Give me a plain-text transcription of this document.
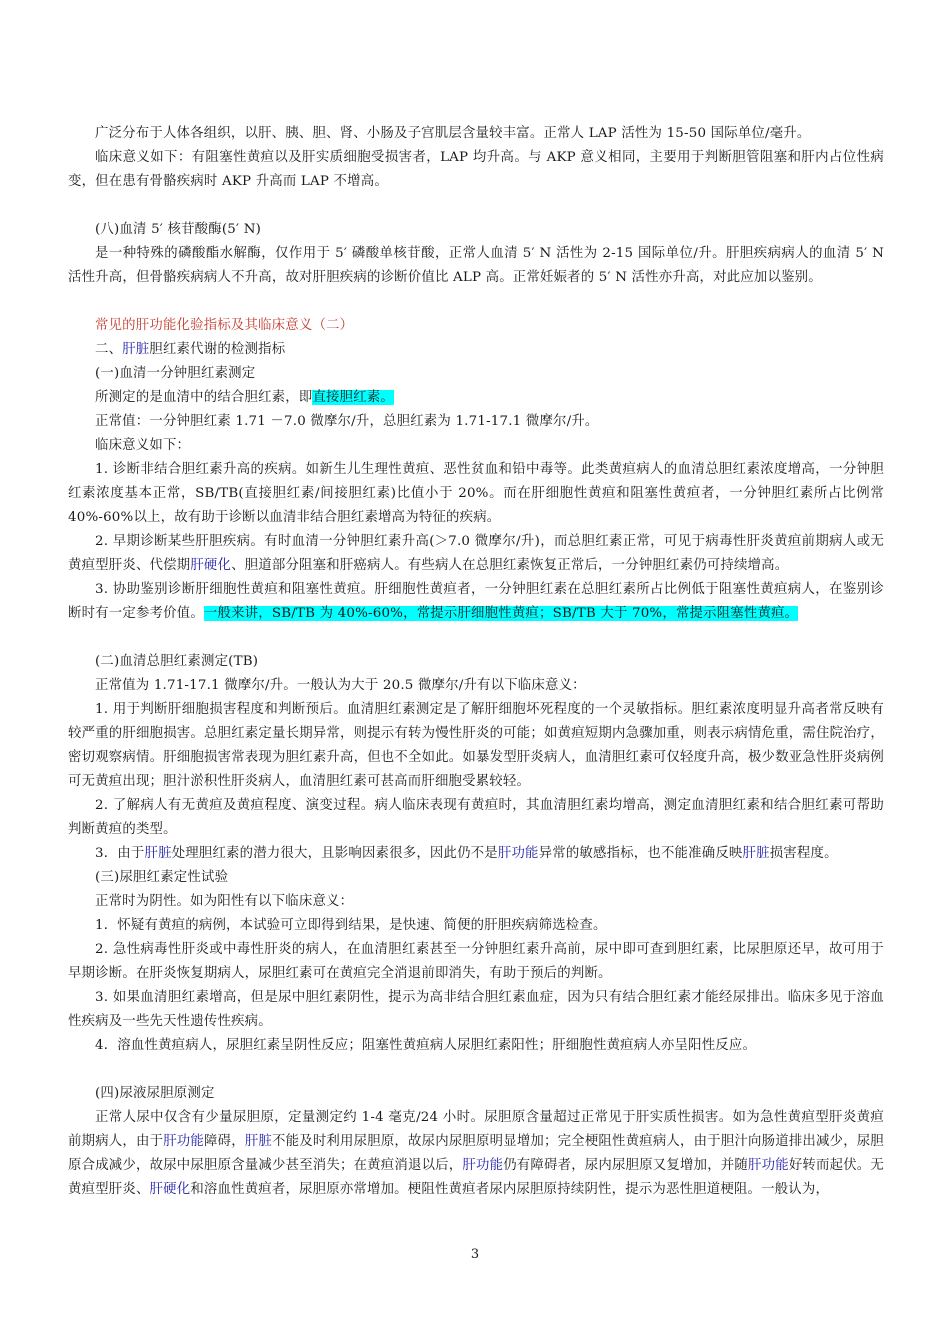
广泛分布于人体各组织，以肝、胰、胆、肾、小肠及子宫肌层含量较丰富。正常人 LAP 活性为 15-50 国际单位/毫升。

临床意义如下：有阻塞性黄疸以及肝实质细胞受损害者，LAP 均升高。与 AKP 意义相同，主要用于判断胆管阻塞和肝内占位性病变，但在患有骨骼疾病时 AKP 升高而 LAP 不增高。

(八)血清 5′ 核苷酸酶(5′ N)

是一种特殊的磷酸酯水解酶，仅作用于 5′ 磷酸单核苷酸，正常人血清 5′ N 活性为 2-15 国际单位/升。肝胆疾病病人的血清 5′ N 活性升高，但骨骼疾病病人不升高，故对肝胆疾病的诊断价值比 ALP 高。正常妊娠者的 5′ N 活性亦升高，对此应加以鉴别。

常见的肝功能化验指标及其临床意义（二）

二、肝脏胆红素代谢的检测指标

(一)血清一分钟胆红素测定

所测定的是血清中的结合胆红素，即直接胆红素。

正常值：一分钟胆红素 1.71 －7.0 微摩尔/升，总胆红素为 1.71-17.1 微摩尔/升。

临床意义如下：

1. 诊断非结合胆红素升高的疾病。如新生儿生理性黄疸、恶性贫血和铅中毒等。此类黄疸病人的血清总胆红素浓度增高，一分钟胆红素浓度基本正常，SB/TB(直接胆红素/间接胆红素)比值小于 20%。而在肝细胞性黄疸和阻塞性黄疸者，一分钟胆红素所占比例常 40%-60%以上，故有助于诊断以血清非结合胆红素增高为特征的疾病。

2. 早期诊断某些肝胆疾病。有时血清一分钟胆红素升高(＞7.0 微摩尔/升)，而总胆红素正常，可见于病毒性肝炎黄疸前期病人或无黄疸型肝炎、代偿期肝硬化、胆道部分阻塞和肝癌病人。有些病人在总胆红素恢复正常后，一分钟胆红素仍可持续增高。

3. 协助鉴别诊断肝细胞性黄疸和阻塞性黄疸。肝细胞性黄疸者，一分钟胆红素在总胆红素所占比例低于阻塞性黄疸病人，在鉴别诊断时有一定参考价值。一般来讲，SB/TB 为 40%-60%，常提示肝细胞性黄疸；SB/TB 大于 70%，常提示阻塞性黄疸。

(二)血清总胆红素测定(TB)

正常值为 1.71-17.1 微摩尔/升。一般认为大于 20.5 微摩尔/升有以下临床意义：

1. 用于判断肝细胞损害程度和判断预后。血清胆红素测定是了解肝细胞坏死程度的一个灵敏指标。胆红素浓度明显升高者常反映有较严重的肝细胞损害。总胆红素定量长期异常，则提示有转为慢性肝炎的可能；如黄疸短期内急骤加重，则表示病情危重，需住院治疗，密切观察病情。肝细胞损害常表现为胆红素升高，但也不全如此。如暴发型肝炎病人，血清胆红素可仅轻度升高，极少数亚急性肝炎病例可无黄疸出现；胆汁淤积性肝炎病人，血清胆红素可甚高而肝细胞受累较轻。

2. 了解病人有无黄疸及黄疸程度、演变过程。病人临床表现有黄疸时，其血清胆红素均增高，测定血清胆红素和结合胆红素可帮助判断黄疸的类型。

3．由于肝脏处理胆红素的潜力很大，且影响因素很多，因此仍不是肝功能异常的敏感指标，也不能准确反映肝脏损害程度。

(三)尿胆红素定性试验

正常时为阴性。如为阳性有以下临床意义：

1．怀疑有黄疸的病例，本试验可立即得到结果，是快速、简便的肝胆疾病筛选检查。

2. 急性病毒性肝炎或中毒性肝炎的病人，在血清胆红素甚至一分钟胆红素升高前，尿中即可查到胆红素，比尿胆原还早，故可用于早期诊断。在肝炎恢复期病人，尿胆红素可在黄疸完全消退前即消失，有助于预后的判断。

3. 如果血清胆红素增高，但是尿中胆红素阴性，提示为高非结合胆红素血症，因为只有结合胆红素才能经尿排出。临床多见于溶血性疾病及一些先天性遗传性疾病。

4．溶血性黄疸病人，尿胆红素呈阴性反应；阻塞性黄疸病人尿胆红素阳性；肝细胞性黄疸病人亦呈阳性反应。

(四)尿液尿胆原测定

正常人尿中仅含有少量尿胆原，定量测定约 1-4 毫克/24 小时。尿胆原含量超过正常见于肝实质性损害。如为急性黄疸型肝炎黄疸前期病人，由于肝功能障碍，肝脏不能及时利用尿胆原，故尿内尿胆原明显增加；完全梗阻性黄疸病人，由于胆汁向肠道排出减少，尿胆原合成减少，故尿中尿胆原含量减少甚至消失；在黄疸消退以后，肝功能仍有障碍者，尿内尿胆原又复增加，并随肝功能好转而起伏。无黄疸型肝炎、肝硬化和溶血性黄疸者，尿胆原亦常增加。梗阻性黄疸者尿内尿胆原持续阴性，提示为恶性胆道梗阻。一般认为，

3
